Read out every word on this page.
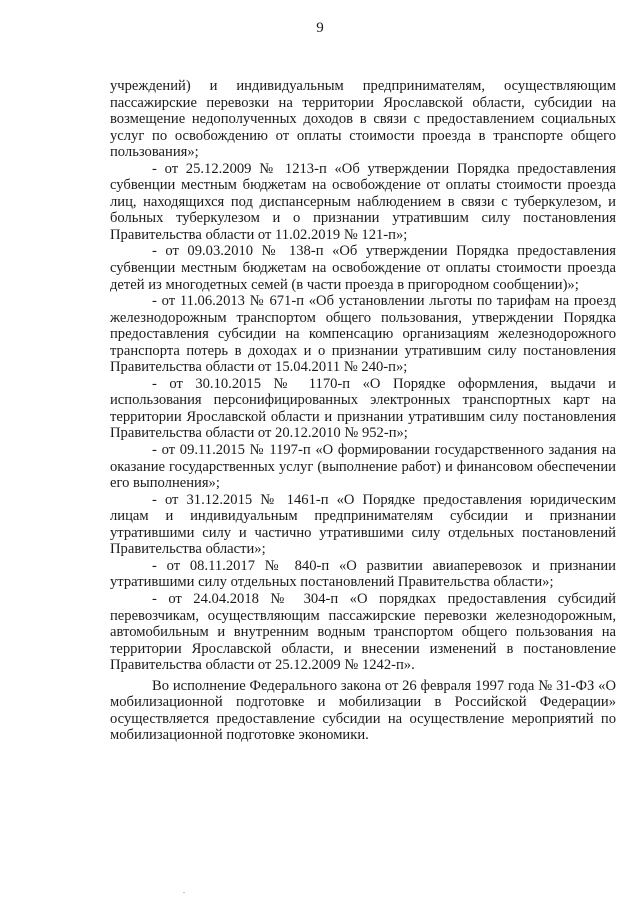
9

учреждений) и индивидуальным предпринимателям, осуществляющим пассажирские перевозки на территории Ярославской области, субсидии на возмещение недополученных доходов в связи с предоставлением социальных услуг по освобождению от оплаты стоимости проезда в транспорте общего пользования»;

- от 25.12.2009 № 1213-п «Об утверждении Порядка предоставления субвенции местным бюджетам на освобождение от оплаты стоимости проезда лиц, находящихся под диспансерным наблюдением в связи с туберкулезом, и больных туберкулезом и о признании утратившим силу постановления Правительства области от 11.02.2019 № 121-п»;

- от 09.03.2010 № 138-п «Об утверждении Порядка предоставления субвенции местным бюджетам на освобождение от оплаты стоимости проезда детей из многодетных семей (в части проезда в пригородном сообщении)»;

- от 11.06.2013 № 671-п «Об установлении льготы по тарифам на проезд железнодорожным транспортом общего пользования, утверждении Порядка предоставления субсидии на компенсацию организациям железнодорожного транспорта потерь в доходах и о признании утратившим силу постановления Правительства области от 15.04.2011 № 240-п»;

- от 30.10.2015 № 1170-п «О Порядке оформления, выдачи и использования персонифицированных электронных транспортных карт на территории Ярославской области и признании утратившим силу постановления Правительства области от 20.12.2010 № 952-п»;

- от 09.11.2015 № 1197-п «О формировании государственного задания на оказание государственных услуг (выполнение работ) и финансовом обеспечении его выполнения»;

- от 31.12.2015 № 1461-п «О Порядке предоставления юридическим лицам и индивидуальным предпринимателям субсидии и признании утратившими силу и частично утратившими силу отдельных постановлений Правительства области»;

- от 08.11.2017 № 840-п «О развитии авиаперевозок и признании утратившими силу отдельных постановлений Правительства области»;

- от 24.04.2018 № 304-п «О порядках предоставления субсидий перевозчикам, осуществляющим пассажирские перевозки железнодорожным, автомобильным и внутренним водным транспортом общего пользования на территории Ярославской области, и внесении изменений в постановление Правительства области от 25.12.2009 № 1242-п».

Во исполнение Федерального закона от 26 февраля 1997 года № 31-ФЗ «О мобилизационной подготовке и мобилизации в Российской Федерации» осуществляется предоставление субсидии на осуществление мероприятий по мобилизационной подготовке экономики.

.
